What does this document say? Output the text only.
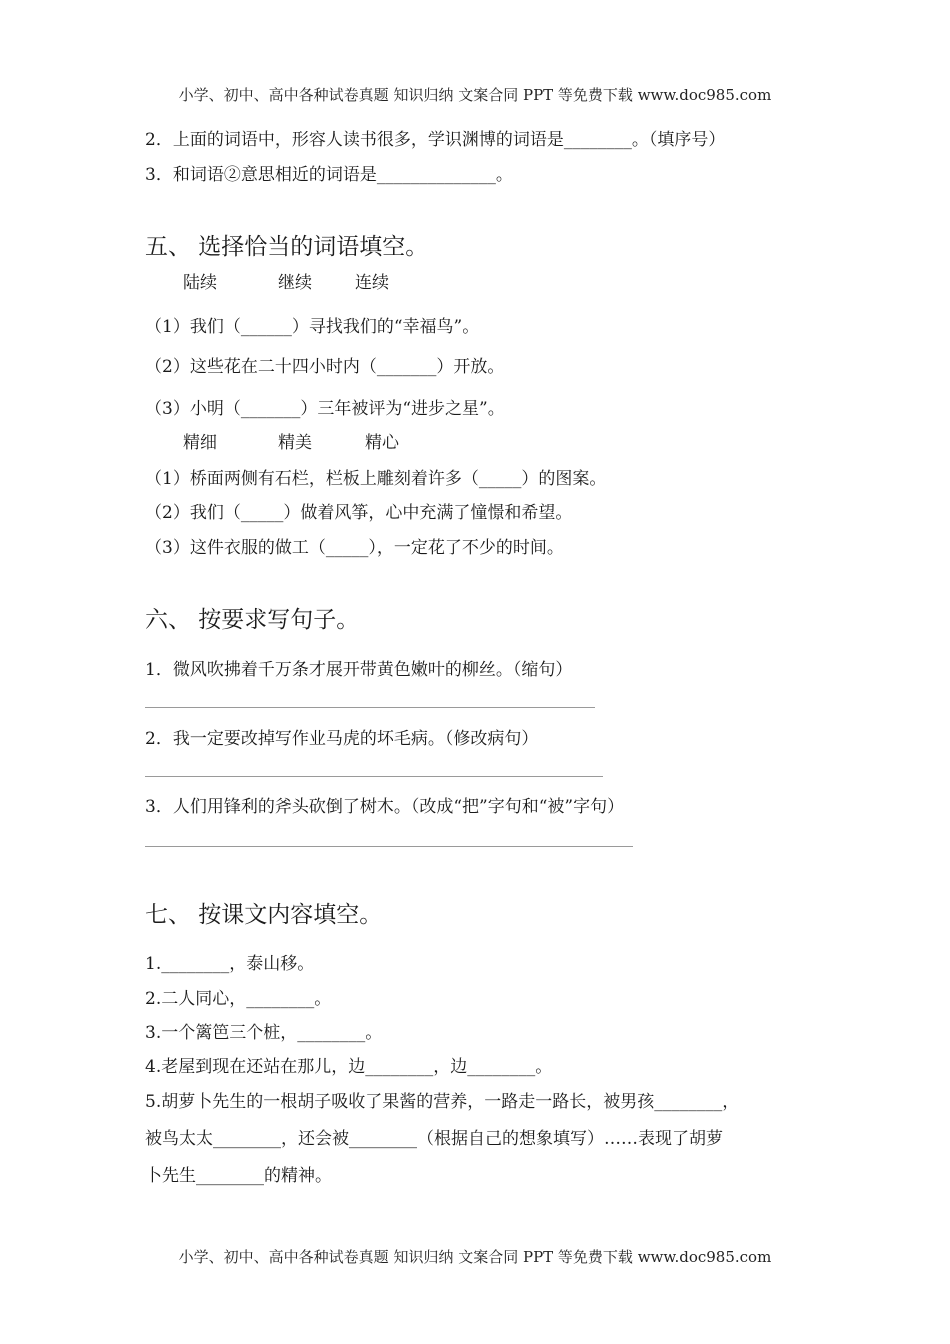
小学、初中、高中各种试卷真题 知识归纳 文案合同 PPT 等免费下载 www.doc985.com
2．上面的词语中，形容人读书很多，学识渊博的词语是________。（填序号）
3．和词语②意思相近的词语是______________。
五、 选择恰当的词语填空。
陆续	继续	连续
（1）我们（______）寻找我们的“幸福鸟”。
（2）这些花在二十四小时内（_______）开放。
（3）小明（_______）三年被评为“进步之星”。
精细	精美	精心
（1）桥面两侧有石栏，栏板上雕刻着许多（_____）的图案。
（2）我们（_____）做着风筝，心中充满了憧憬和希望。
（3）这件衣服的做工（_____），一定花了不少的时间。
六、 按要求写句子。
1．微风吹拂着千万条才展开带黄色嫩叶的柳丝。（缩句）
2．我一定要改掉写作业马虎的坏毛病。（修改病句）
3．人们用锋利的斧头砍倒了树木。（改成“把”字句和“被”字句）
七、 按课文内容填空。
1.________，泰山移。
2.二人同心，________。
3.一个篱笆三个桩，________。
4.老屋到现在还站在那儿，边________，边________。
5.胡萝卜先生的一根胡子吸收了果酱的营养，一路走一路长，被男孩________，
被鸟太太________，还会被________（根据自己的想象填写）……表现了胡萝
卜先生________的精神。
小学、初中、高中各种试卷真题 知识归纳 文案合同 PPT 等免费下载 www.doc985.com
